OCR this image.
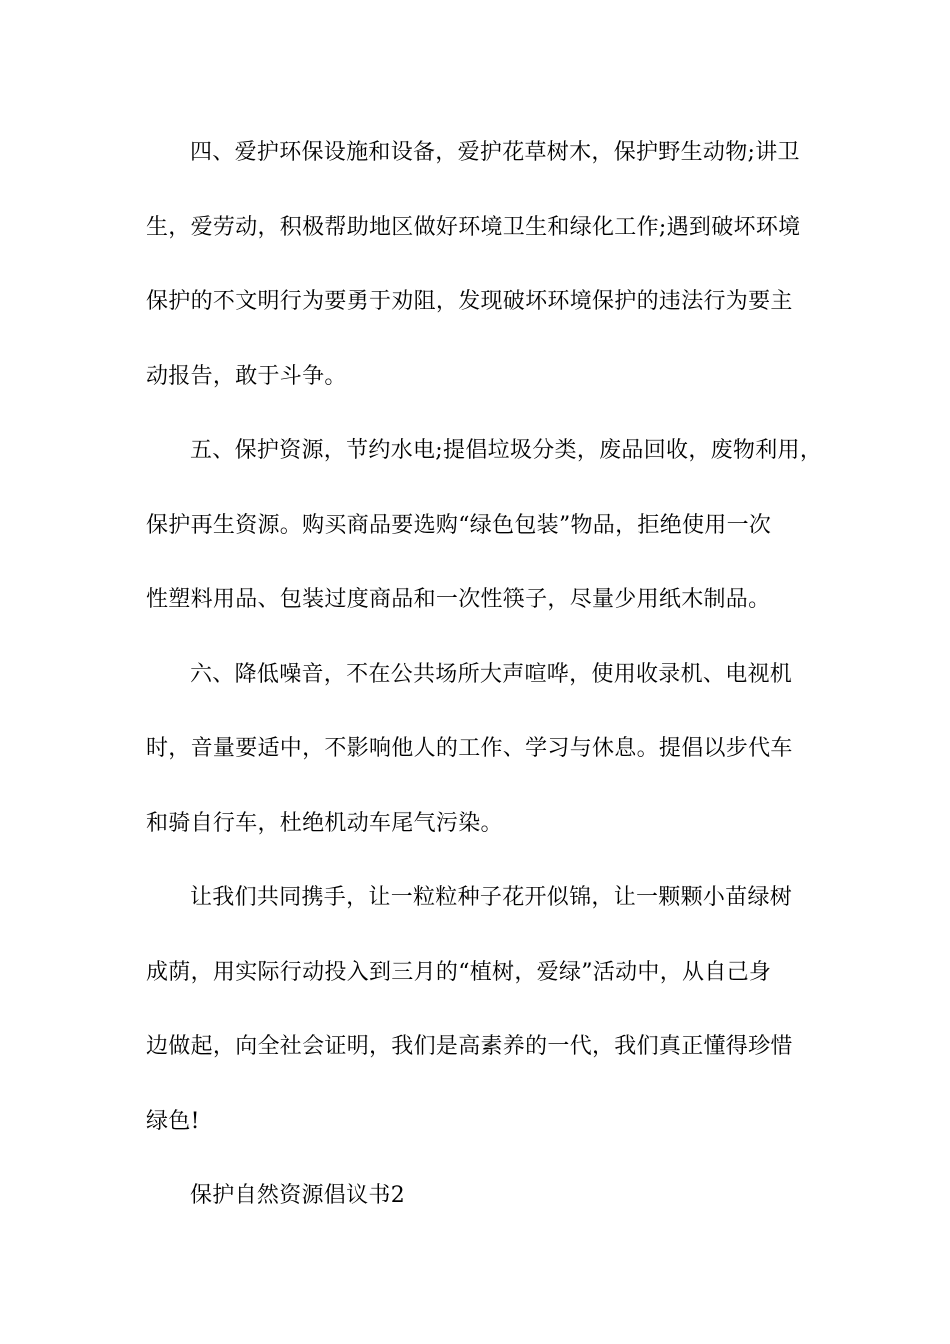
四、爱护环保设施和设备，爱护花草树木，保护野生动物;讲卫
生，爱劳动，积极帮助地区做好环境卫生和绿化工作;遇到破坏环境
保护的不文明行为要勇于劝阻，发现破坏环境保护的违法行为要主
动报告，敢于斗争。
五、保护资源，节约水电;提倡垃圾分类，废品回收，废物利用，
保护再生资源。购买商品要选购“绿色包装”物品，拒绝使用一次
性塑料用品、包装过度商品和一次性筷子，尽量少用纸木制品。
六、降低噪音，不在公共场所大声喧哗，使用收录机、电视机
时，音量要适中，不影响他人的工作、学习与休息。提倡以步代车
和骑自行车，杜绝机动车尾气污染。
让我们共同携手，让一粒粒种子花开似锦，让一颗颗小苗绿树
成荫，用实际行动投入到三月的“植树，爱绿”活动中，从自己身
边做起，向全社会证明，我们是高素养的一代，我们真正懂得珍惜
绿色!
保护自然资源倡议书2
